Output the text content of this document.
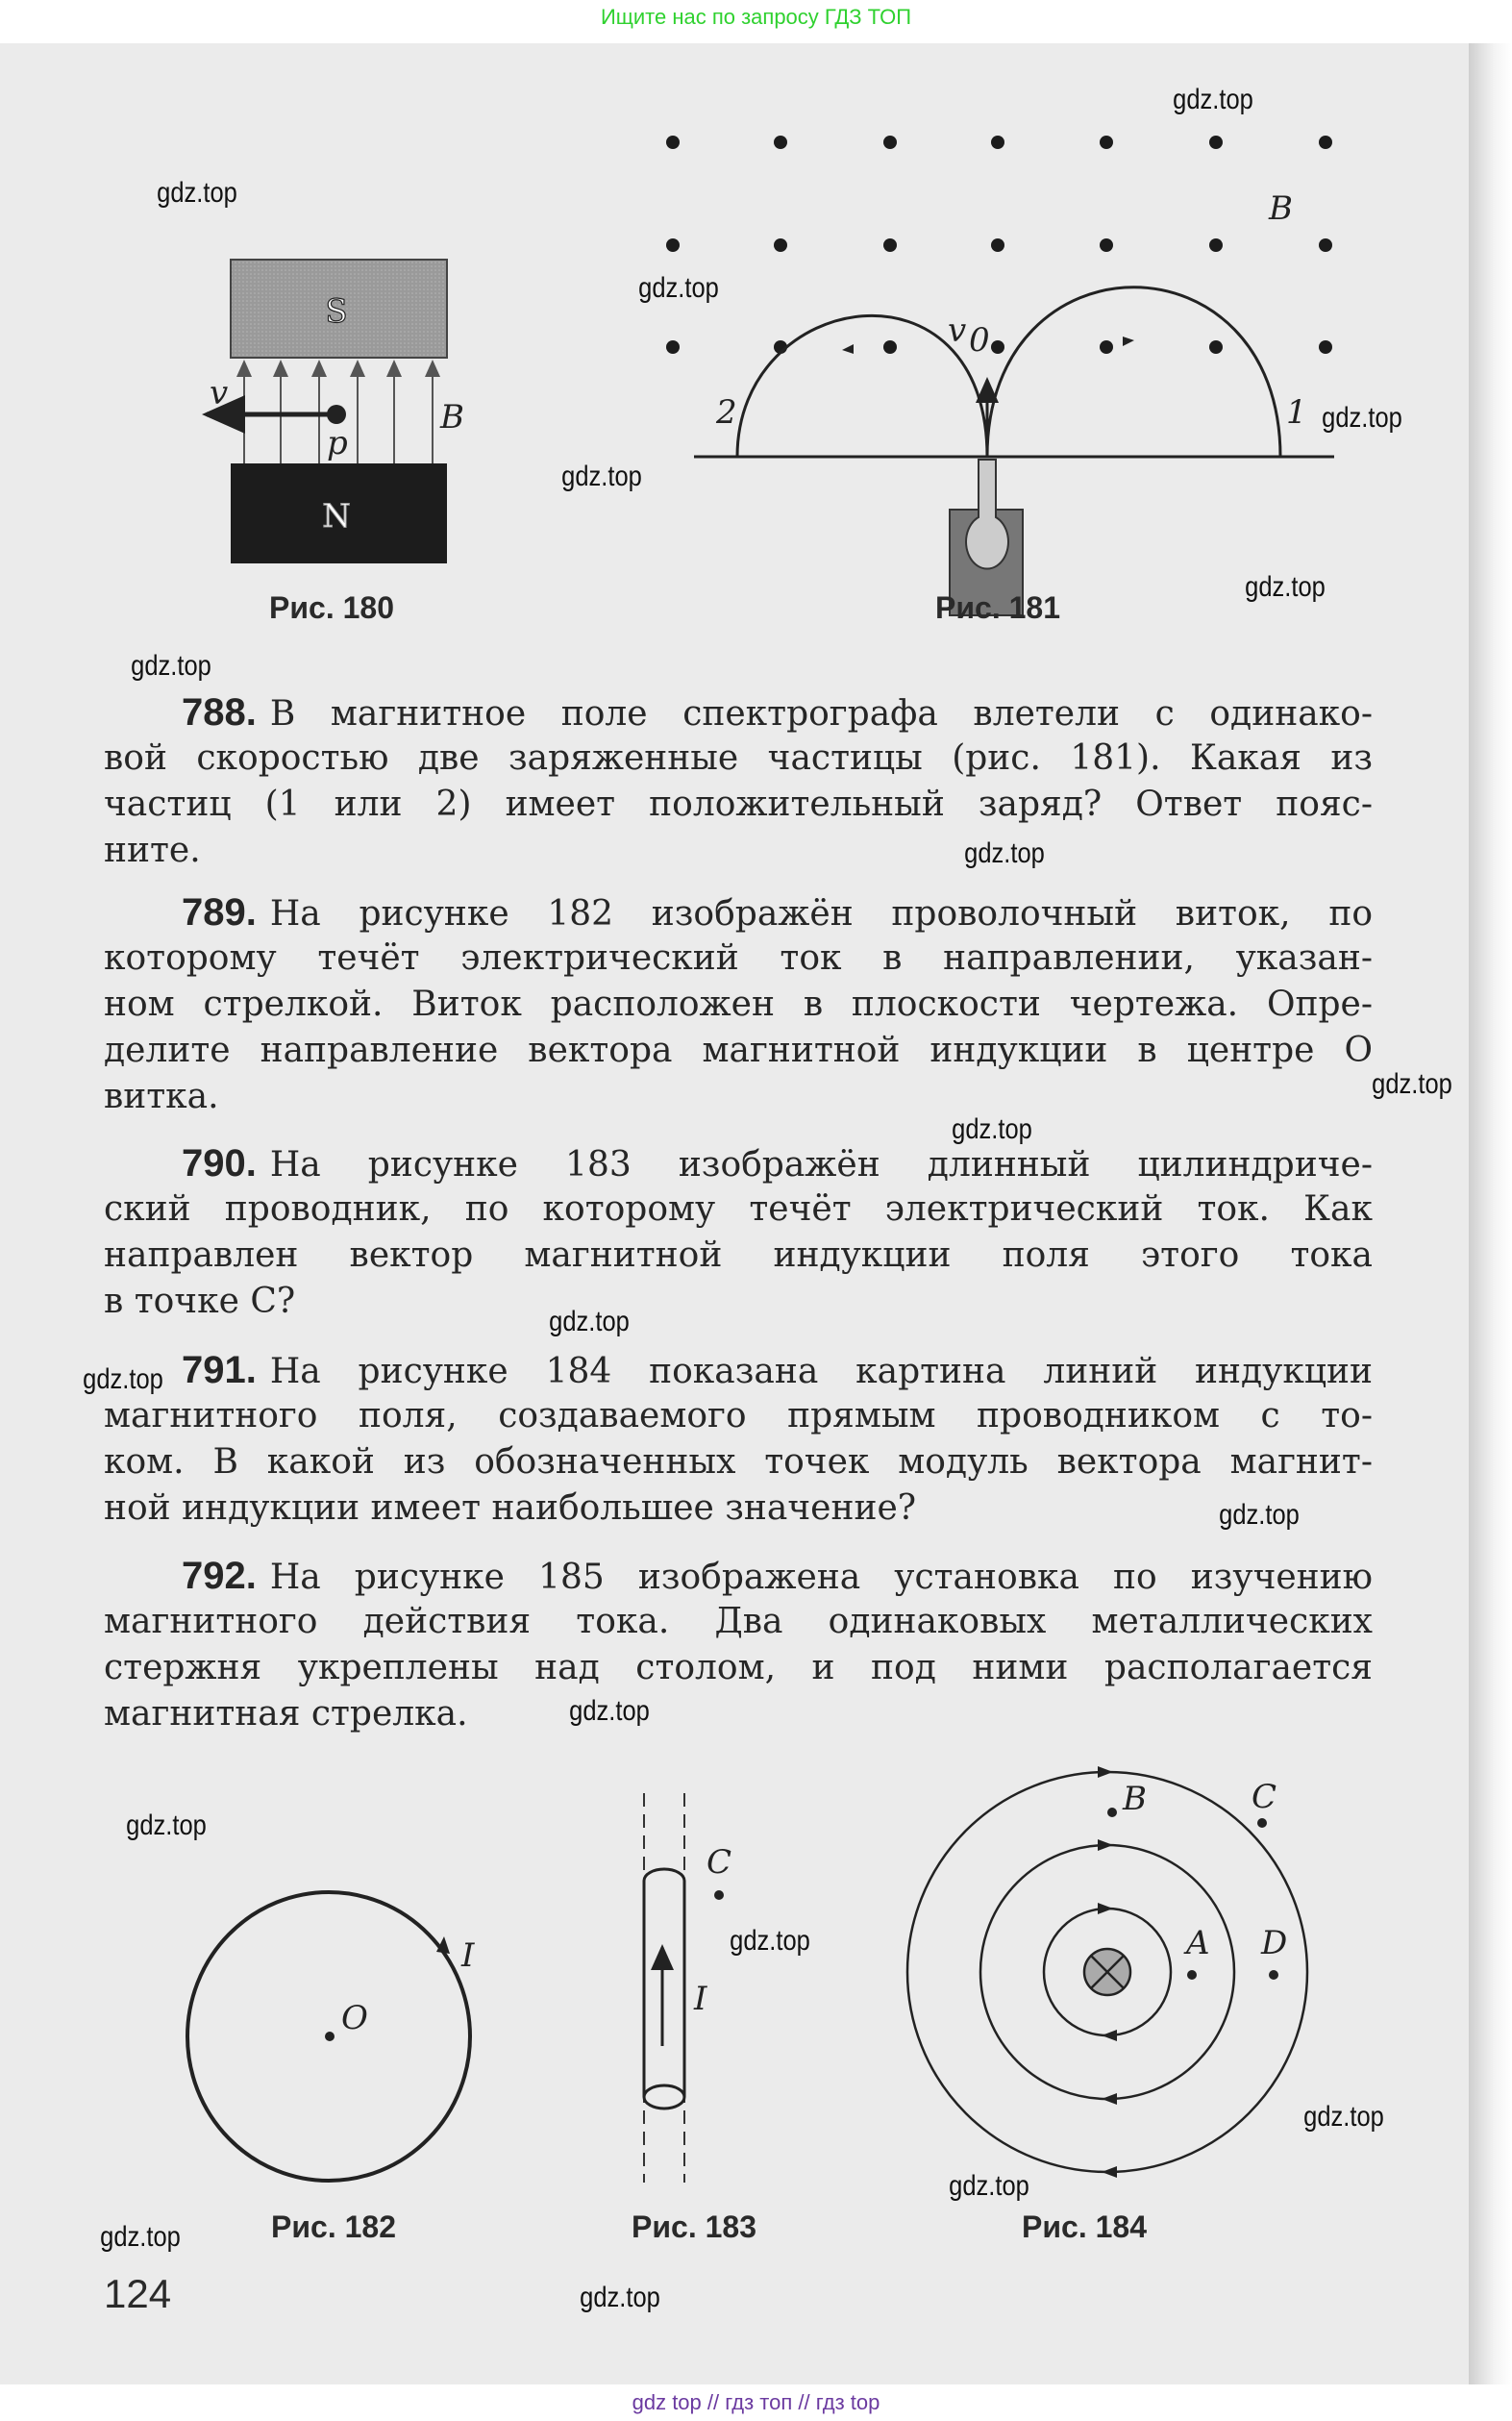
Ищите нас по запросу ГДЗ ТОП
S
N
v
p
B
B
v 0
2	1
O
I
C
I
B	C
A D
Рис. 180	Рис. 181
Рис. 182	Рис. 183	Рис. 184
788. В магнитное поле спектрографа влетели с одинако-
вой скоростью две заряженные частицы (рис. 181). Какая из
частиц (1 или 2) имеет положительный заряд? Ответ пояс-
ните.
789. На рисунке 182 изображён проволочный виток, по
которому течёт электрический ток в направлении, указан-
ном стрелкой. Виток расположен в плоскости чертежа. Опре-
делите направление вектора магнитной индукции в центре O
витка.
790. На рисунке 183 изображён длинный цилиндриче-
ский проводник, по которому течёт электрический ток. Как
направлен вектор магнитной индукции поля этого тока
в точке C?
791. На рисунке 184 показана картина линий индукции
магнитного поля, создаваемого прямым проводником с то-
ком. В какой из обозначенных точек модуль вектора магнит-
ной индукции имеет наибольшее значение?
792. На рисунке 185 изображена установка по изучению
магнитного действия тока. Два одинаковых металлических
стержня укреплены над столом, и под ними располагается
магнитная стрелка.
124
gdz.top
gdz.top
gdz.top
gdz.top
gdz.top
gdz.top
gdz.top
gdz.top
gdz.top
gdz.top
gdz.top
gdz.top
gdz.top
gdz.top
gdz.top
gdz.top
gdz.top
gdz.top
gdz.top
gdz.top
gdz top // гдз топ // гдз top
